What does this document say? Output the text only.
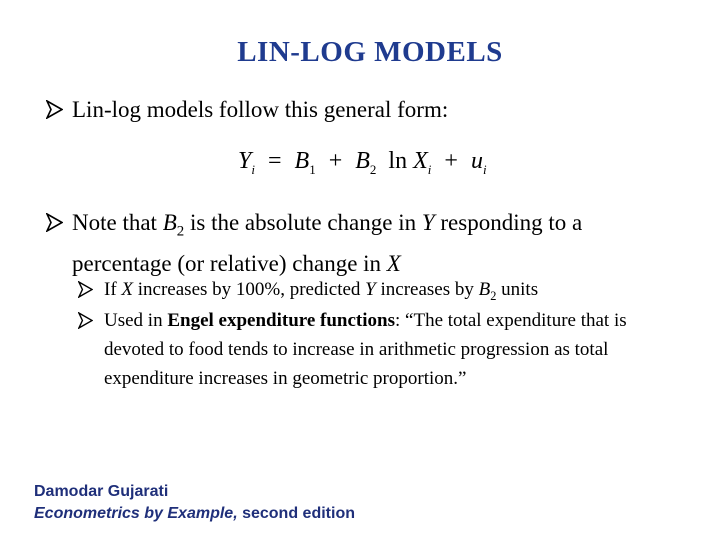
LIN-LOG MODELS
Lin-log models follow this general form:
$Y_i = B_1 + B_2$ $\ln X_i + u_i$
Note that $B_2$ is the absolute change in Y responding to a percentage (or relative) change in X
If X increases by 100%, predicted Y increases by $B_2$ units
Used in Engel expenditure functions: “The total expenditure that is devoted to food tends to increase in arithmetic progression as total expenditure increases in geometric proportion.”
Damodar Gujarati
Econometrics by Example, second edition
